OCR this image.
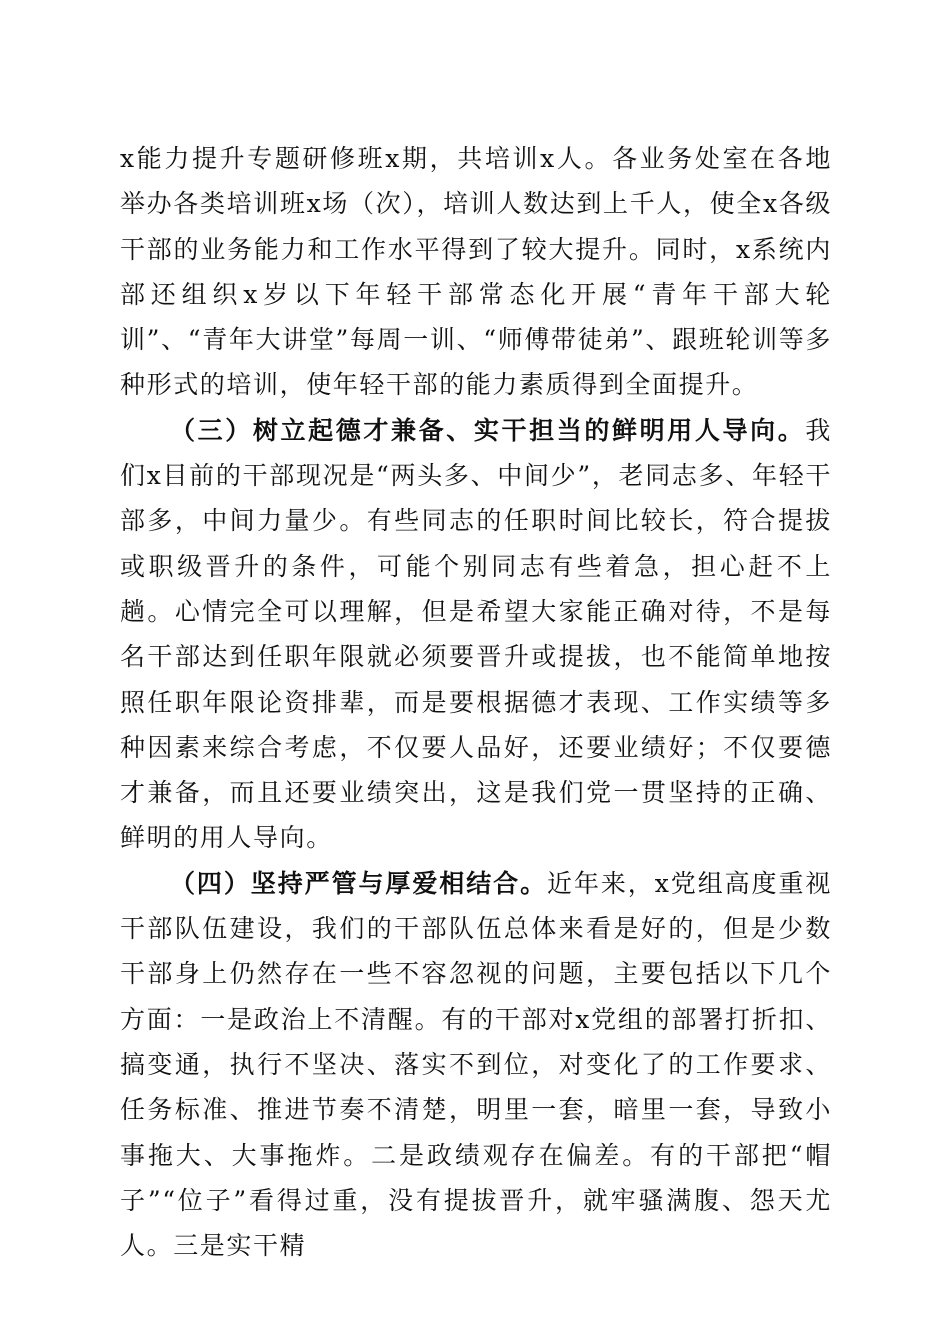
x能力提升专题研修班x期，共培训x人。各业务处室在各地举办各类培训班x场（次），培训人数达到上千人，使全x各级干部的业务能力和工作水平得到了较大提升。同时，x系统内部还组织x岁以下年轻干部常态化开展“青年干部大轮训”、“青年大讲堂”每周一训、“师傅带徒弟”、跟班轮训等多种形式的培训，使年轻干部的能力素质得到全面提升。

（三）树立起德才兼备、实干担当的鲜明用人导向。我们x目前的干部现况是“两头多、中间少”，老同志多、年轻干部多，中间力量少。有些同志的任职时间比较长，符合提拔或职级晋升的条件，可能个别同志有些着急，担心赶不上趟。心情完全可以理解，但是希望大家能正确对待，不是每名干部达到任职年限就必须要晋升或提拔，也不能简单地按照任职年限论资排辈，而是要根据德才表现、工作实绩等多种因素来综合考虑，不仅要人品好，还要业绩好；不仅要德才兼备，而且还要业绩突出，这是我们党一贯坚持的正确、鲜明的用人导向。

（四）坚持严管与厚爱相结合。近年来，x党组高度重视干部队伍建设，我们的干部队伍总体来看是好的，但是少数干部身上仍然存在一些不容忽视的问题，主要包括以下几个方面：一是政治上不清醒。有的干部对x党组的部署打折扣、搞变通，执行不坚决、落实不到位，对变化了的工作要求、任务标准、推进节奏不清楚，明里一套，暗里一套，导致小事拖大、大事拖炸。二是政绩观存在偏差。有的干部把“帽子”“位子”看得过重，没有提拔晋升，就牢骚满腹、怨天尤人。三是实干精
